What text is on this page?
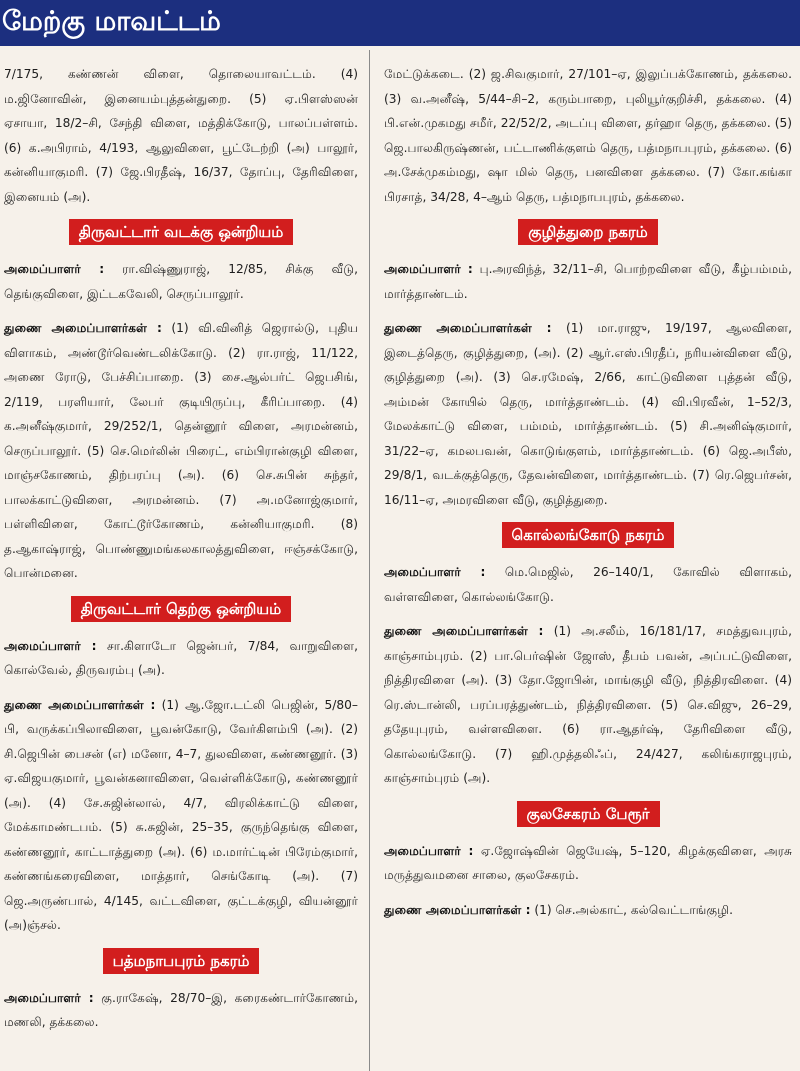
மேற்கு மாவட்டம்

7/175, கண்ணன் விளை, தொலையாவட்டம். (4) ம.ஜினோவின், இனையம்புத்தன்துறை. (5) ஏ.பிளஸ்ஸன் ஏசாயா, 18/2–சி, சேந்தி விளை, மத்திக்கோடு, பாலப்பள்ளம். (6) க.அபிராம், 4/193, ஆலுவிளை, பூட்டேற்றி (அ) பாலூர், கன்னியாகுமரி. (7) ஜே.பிரதீஷ், 16/37, தோப்பு, தேரிவிளை, இனையம் (அ).

திருவட்டார் வடக்கு ஒன்றியம்

அமைப்பாளர் : ரா.விஷ்ணுராஜ், 12/85, சிக்கு வீடு, தெங்குவிளை, இட்டகவேலி, செருப்பாலூர்.

துணை அமைப்பாளர்கள் : (1) வி.வினித் ஜெரால்டு, புதிய விளாகம், அண்டூர்வெண்டலிக்கோடு. (2) ரா.ராஜ், 11/122, அணை ரோடு, பேச்சிப்பாறை. (3) சை.ஆல்பர்ட் ஜெபசிங், 2/119, பரளியார், லேபர் குடியிருப்பு, கீரிப்பாறை. (4) க.அனீஷ்குமார், 29/252/1, தென்னூர் விளை, அரமன்னம், செருப்பாலூர். (5) செ.மெர்லின் பிரைட், எம்பிரான்குழி விளை, மாஞ்சகோணம், திற்பரப்பு (அ). (6) செ.சுபின் சுந்தர், பாலக்காட்டுவிளை, அரமன்னம். (7) அ.மனோஜ்குமார், பள்ளிவிளை, கோட்டூர்கோணம், கன்னியாகுமரி. (8) த.ஆகாஷ்ராஜ், பொண்ணுமங்கலகாலத்துவிளை, ஈஞ்சக்கோடு, பொன்மனை.

திருவட்டார் தெற்கு ஒன்றியம்

அமைப்பாளர் : சா.கிளாடோ ஜென்பர், 7/84, வாறுவிளை, கொல்வேல், திருவரம்பு (அ).

துணை அமைப்பாளர்கள் : (1) ஆ.ஜோ.டட்லி பெஜின், 5/80–பி, வருக்கப்பிலாவிளை, பூவன்கோடு, வேர்கிளம்பி (அ). (2) சி.ஜெபின் பைசன் (எ) மனோ, 4–7, துலவிளை, கண்ணனூர். (3) ஏ.விஜயகுமார், பூவன்கனாவிளை, வெள்ளிக்கோடு, கண்ணனூர் (அ). (4) சே.சுஜின்லால், 4/7, விரலிக்காட்டு விளை, மேக்காமண்டபம். (5) சு.சுஜின், 25–35, குருந்தெங்கு விளை, கண்ணனூர், காட்டாத்துறை (அ). (6) ம.மார்ட்டின் பிரேம்குமார், கண்ணங்கரைவிளை, மாத்தார், செங்கோடி (அ). (7) ஜெ.அருண்பால், 4/145, வட்டவிளை, குட்டக்குழி, வியன்னூர் (அ)ஞ்சல்.

பத்மநாபபுரம் நகரம்

அமைப்பாளர் : கு.ராகேஷ், 28/70–இ, கரைகண்டார்கோணம், மணலி, தக்கலை.

மேட்டுக்கடை. (2) ஜ.சிவகுமார், 27/101–ஏ, இலுப்பக்கோணம், தக்கலை. (3) வ.அனீஷ், 5/44–சி–2, கரும்பாறை, புலியூர்குறிச்சி, தக்கலை. (4) பி.என்.முகமது சமீர், 22/52/2, அடப்பு விளை, தர்ஹா தெரு, தக்கலை. (5) ஜெ.பாலகிருஷ்ணன், பட்டாணிக்குளம் தெரு, பத்மநாபபுரம், தக்கலை. (6) அ.சேக்முகம்மது, ஷா மில் தெரு, பனவிளை தக்கலை. (7) கோ.கங்கா பிரசாத், 34/28, 4–ஆம் தெரு, பத்மநாபபுரம், தக்கலை.

குழித்துறை நகரம்

அமைப்பாளர் : பு.அரவிந்த், 32/11–சி, பொற்றவிளை வீடு, கீழ்பம்மம், மார்த்தாண்டம்.

துணை அமைப்பாளர்கள் : (1) மா.ராஜு, 19/197, ஆலவிளை, இடைத்தெரு, குழித்துறை, (அ). (2) ஆர்.எஸ்.பிரதீப், நரியன்விளை வீடு, குழித்துறை (அ). (3) செ.ரமேஷ், 2/66, காட்டுவிளை புத்தன் வீடு, அம்மன் கோயில் தெரு, மார்த்தாண்டம். (4) வி.பிரவீன், 1–52/3, மேலக்காட்டு விளை, பம்மம், மார்த்தாண்டம். (5) சி.அனிஷ்குமார், 31/22–ஏ, கமலபவன், கொடுங்குளம், மார்த்தாண்டம். (6) ஜெ.அபீஸ், 29/8/1, வடக்குத்தெரு, தேவன்விளை, மார்த்தாண்டம். (7) ரெ.ஜெபர்சன், 16/11–ஏ, அமரவிளை வீடு, குழித்துறை.

கொல்லங்கோடு நகரம்

அமைப்பாளர் : மெ.மெஜில், 26–140/1, கோவில் விளாகம், வள்ளவிளை, கொல்லங்கோடு.

துணை அமைப்பாளர்கள் : (1) அ.சலீம், 16/181/17, சமத்துவபுரம், காஞ்சாம்புரம். (2) பா.பெர்ஷின் ஜோஸ், தீபம் பவன், அப்பட்டுவிளை, நித்திரவிளை (அ). (3) தோ.ஜோபின், மாங்குழி வீடு, நித்திரவிளை. (4) ரெ.ஸ்டான்லி, பரப்பரத்துண்டம், நித்திரவிளை. (5) செ.விஜு, 26–29, ததேயுபுரம், வள்ளவிளை. (6) ரா.ஆதர்ஷ், தேரிவிளை வீடு, கொல்லங்கோடு. (7) ஹி.முத்தலிஃப், 24/427, கலிங்கராஜபுரம், காஞ்சாம்புரம் (அ).

குலசேகரம் பேரூர்

அமைப்பாளர் : ஏ.ஜோஷ்வின் ஜெயேஷ், 5–120, கிழக்குவிளை, அரசு மருத்துவமனை சாலை, குலசேகரம்.

துணை அமைப்பாளர்கள் : (1) செ.அல்காட், கல்வெட்டாங்குழி.
